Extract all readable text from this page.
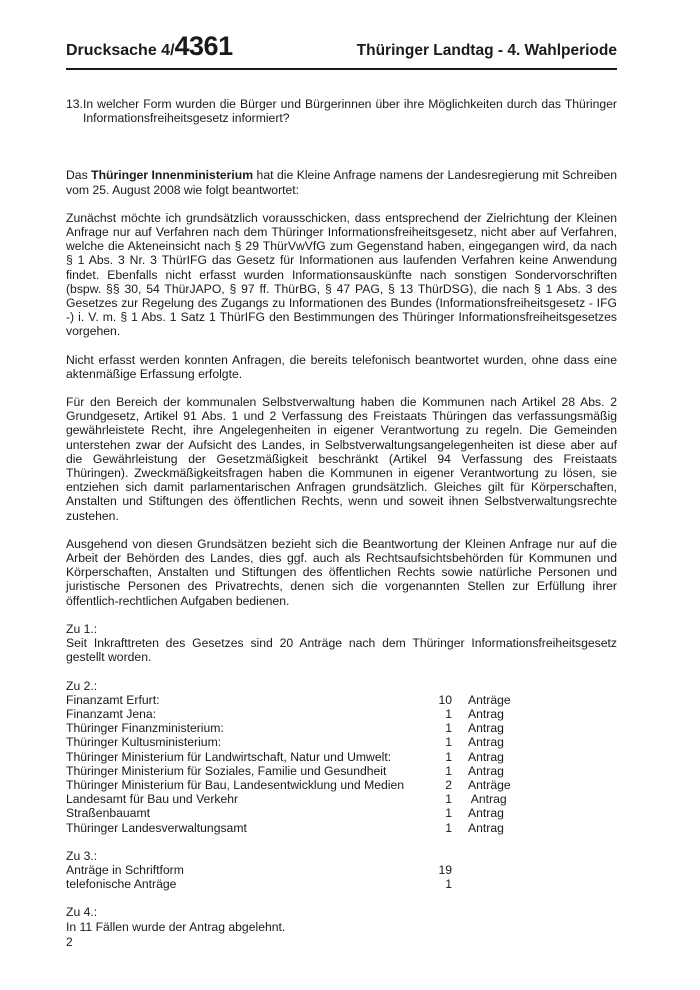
Drucksache 4/4361	Thüringer Landtag - 4. Wahlperiode
13. In welcher Form wurden die Bürger und Bürgerinnen über ihre Möglichkeiten durch das Thüringer Informationsfreiheitsgesetz informiert?

Das Thüringer Innenministerium hat die Kleine Anfrage namens der Landesregierung mit Schreiben vom 25. August 2008 wie folgt beantwortet:

Zunächst möchte ich grundsätzlich vorausschicken, dass entsprechend der Zielrichtung der Kleinen Anfrage nur auf Verfahren nach dem Thüringer Informationsfreiheitsgesetz, nicht aber auf Verfahren, welche die Akteneinsicht nach § 29 ThürVwVfG zum Gegenstand haben, eingegangen wird, da nach § 1 Abs. 3 Nr. 3 ThürIFG das Gesetz für Informationen aus laufenden Verfahren keine Anwendung findet. Ebenfalls nicht erfasst wurden Informationsauskünfte nach sonstigen Sondervorschriften (bspw. §§ 30, 54 ThürJAPO, § 97 ff. ThürBG, § 47 PAG, § 13 ThürDSG), die nach § 1 Abs. 3 des Gesetzes zur Regelung des Zugangs zu Informationen des Bundes (Informationsfreiheitsgesetz - IFG -) i. V. m. § 1 Abs. 1 Satz 1 ThürIFG den Bestimmungen des Thüringer Informationsfreiheitsgesetzes vorgehen.

Nicht erfasst werden konnten Anfragen, die bereits telefonisch beantwortet wurden, ohne dass eine aktenmäßige Erfassung erfolgte.

Für den Bereich der kommunalen Selbstverwaltung haben die Kommunen nach Artikel 28 Abs. 2 Grundgesetz, Artikel 91 Abs. 1 und 2 Verfassung des Freistaats Thüringen das verfassungsmäßig gewährleistete Recht, ihre Angelegenheiten in eigener Verantwortung zu regeln. Die Gemeinden unterstehen zwar der Aufsicht des Landes, in Selbstverwaltungsangelegenheiten ist diese aber auf die Gewährleistung der Gesetzmäßigkeit beschränkt (Artikel 94 Verfassung des Freistaats Thüringen). Zweckmäßigkeitsfragen haben die Kommunen in eigener Verantwortung zu lösen, sie entziehen sich damit parlamentarischen Anfragen grundsätzlich. Gleiches gilt für Körperschaften, Anstalten und Stiftungen des öffentlichen Rechts, wenn und soweit ihnen Selbstverwaltungsrechte zustehen.

Ausgehend von diesen Grundsätzen bezieht sich die Beantwortung der Kleinen Anfrage nur auf die Arbeit der Behörden des Landes, dies ggf. auch als Rechtsaufsichtsbehörden für Kommunen und Körperschaften, Anstalten und Stiftungen des öffentlichen Rechts sowie natürliche Personen und juristische Personen des Privatrechts, denen sich die vorgenannten Stellen zur Erfüllung ihrer öffentlich-rechtlichen Aufgaben bedienen.

Zu 1.:

Seit Inkrafttreten des Gesetzes sind 20 Anträge nach dem Thüringer Informationsfreiheitsgesetz gestellt worden.

Zu 2.:
Finanzamt Erfurt:	10	Anträge
Finanzamt Jena:	1	Antrag
Thüringer Finanzministerium:	1	Antrag
Thüringer Kultusministerium:	1	Antrag
Thüringer Ministerium für Landwirtschaft, Natur und Umwelt:	1	Antrag
Thüringer Ministerium für Soziales, Familie und Gesundheit	1	Antrag
Thüringer Ministerium für Bau, Landesentwicklung und Medien	2	Anträge
Landesamt für Bau und Verkehr	1	Antrag
Straßenbauamt	1	Antrag
Thüringer Landesverwaltungsamt	1	Antrag
Zu 3.:
Anträge in Schriftform	19
telefonische Anträge	1
Zu 4.:

In 11 Fällen wurde der Antrag abgelehnt.

2
